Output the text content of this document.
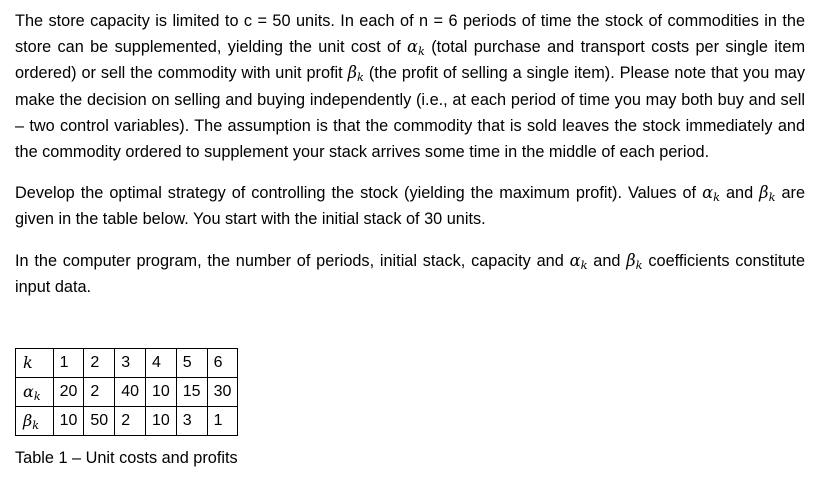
The store capacity is limited to c = 50 units. In each of n = 6 periods of time the stock of commodities in the store can be supplemented, yielding the unit cost of $\alpha_k$ (total purchase and transport costs per single item ordered) or sell the commodity with unit profit $\beta_k$ (the profit of selling a single item). Please note that you may make the decision on selling and buying independently (i.e., at each period of time you may both buy and sell – two control variables). The assumption is that the commodity that is sold leaves the stock immediately and the commodity ordered to supplement your stack arrives some time in the middle of each period.

Develop the optimal strategy of controlling the stock (yielding the maximum profit). Values of $\alpha_k$ and $\beta_k$ are given in the table below. You start with the initial stack of 30 units.

In the computer program, the number of periods, initial stack, capacity and $\alpha_k$ and $\beta_k$ coefficients constitute input data.

k	1	2	3	4	5	6
$\alpha_k$	20	2	40	10	15	30
$\beta_k$	10	50	2	10	3	1

Table 1 – Unit costs and profits
